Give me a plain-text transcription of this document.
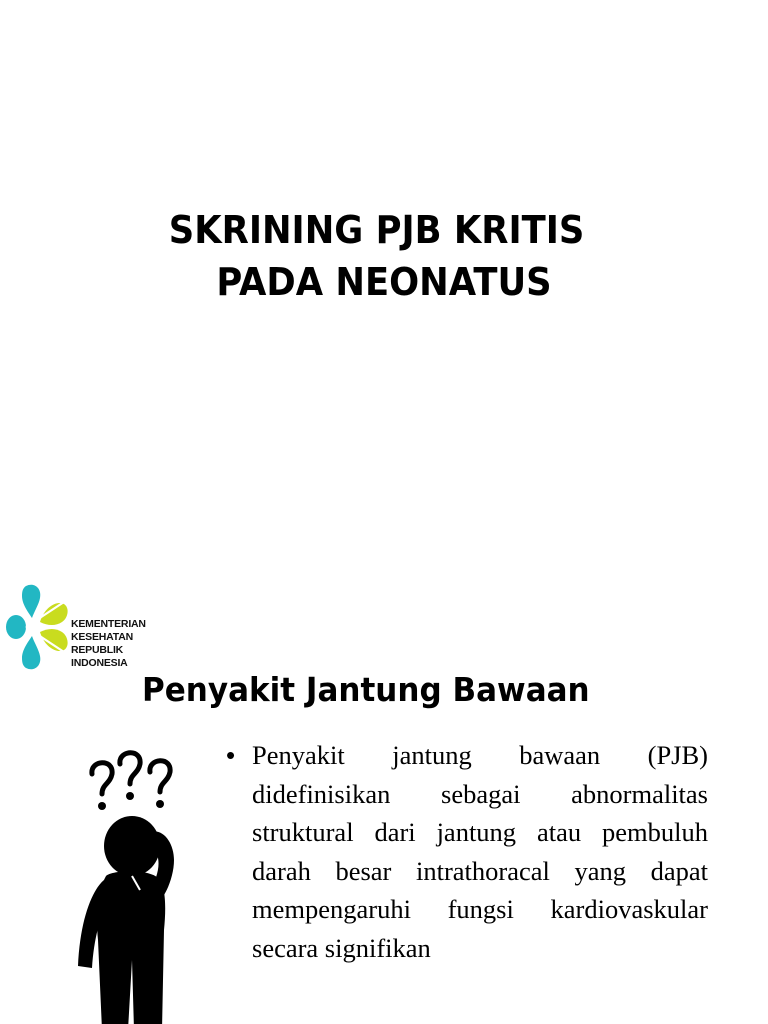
SKRINING PJB KRITIS
PADA NEONATUS
KEMENTERIAN
KESEHATAN
REPUBLIK
INDONESIA
Penyakit Jantung Bawaan
• Penyakit jantung bawaan (PJB) didefinisikan sebagai abnormalitas struktural dari jantung atau pembuluh darah besar intrathoracal yang dapat mempengaruhi fungsi kardiovaskular secara signifikan
